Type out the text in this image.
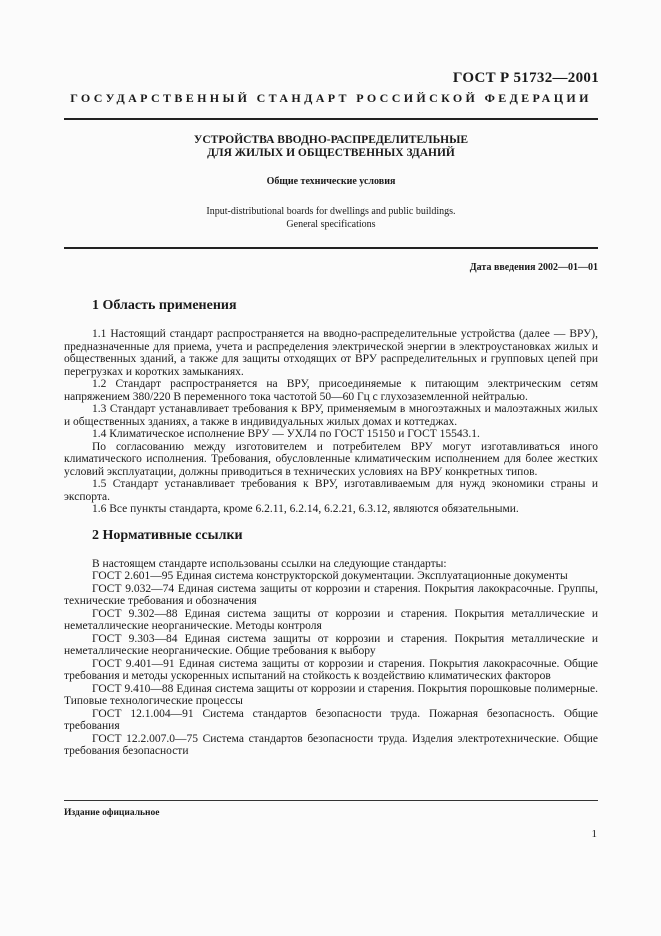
ГОСТ Р 51732—2001
ГОСУДАРСТВЕННЫЙ СТАНДАРТ РОССИЙСКОЙ ФЕДЕРАЦИИ
УСТРОЙСТВА ВВОДНО-РАСПРЕДЕЛИТЕЛЬНЫЕ
ДЛЯ ЖИЛЫХ И ОБЩЕСТВЕННЫХ ЗДАНИЙ
Общие технические условия
Input-distributional boards for dwellings and public buildings.
General specifications
Дата введения 2002—01—01
1 Область применения

1.1 Настоящий стандарт распространяется на вводно-распределительные устройства (далее — ВРУ), предназначенные для приема, учета и распределения электрической энергии в электроустановках жилых и общественных зданий, а также для защиты отходящих от ВРУ распределительных и групповых цепей при перегрузках и коротких замыканиях.

1.2 Стандарт распространяется на ВРУ, присоединяемые к питающим электрическим сетям напряжением 380/220 В переменного тока частотой 50—60 Гц с глухозаземленной нейтралью.

1.3 Стандарт устанавливает требования к ВРУ, применяемым в многоэтажных и малоэтажных жилых и общественных зданиях, а также в индивидуальных жилых домах и коттеджах.

1.4 Климатическое исполнение ВРУ — УХЛ4 по ГОСТ 15150 и ГОСТ 15543.1.

По согласованию между изготовителем и потребителем ВРУ могут изготавливаться иного климатического исполнения. Требования, обусловленные климатическим исполнением для более жестких условий эксплуатации, должны приводиться в технических условиях на ВРУ конкретных типов.

1.5 Стандарт устанавливает требования к ВРУ, изготавливаемым для нужд экономики страны и экспорта.

1.6 Все пункты стандарта, кроме 6.2.11, 6.2.14, 6.2.21, 6.3.12, являются обязательными.

2 Нормативные ссылки

В настоящем стандарте использованы ссылки на следующие стандарты:

ГОСТ 2.601—95 Единая система конструкторской документации. Эксплуатационные документы

ГОСТ 9.032—74 Единая система защиты от коррозии и старения. Покрытия лакокрасочные. Группы, технические требования и обозначения

ГОСТ 9.302—88 Единая система защиты от коррозии и старения. Покрытия металлические и неметаллические неорганические. Методы контроля

ГОСТ 9.303—84 Единая система защиты от коррозии и старения. Покрытия металлические и неметаллические неорганические. Общие требования к выбору

ГОСТ 9.401—91 Единая система защиты от коррозии и старения. Покрытия лакокрасочные. Общие требования и методы ускоренных испытаний на стойкость к воздействию климатических факторов

ГОСТ 9.410—88 Единая система защиты от коррозии и старения. Покрытия порошковые полимерные. Типовые технологические процессы

ГОСТ 12.1.004—91 Система стандартов безопасности труда. Пожарная безопасность. Общие требования

ГОСТ 12.2.007.0—75 Система стандартов безопасности труда. Изделия электротехнические. Общие требования безопасности

Издание официальное
1
